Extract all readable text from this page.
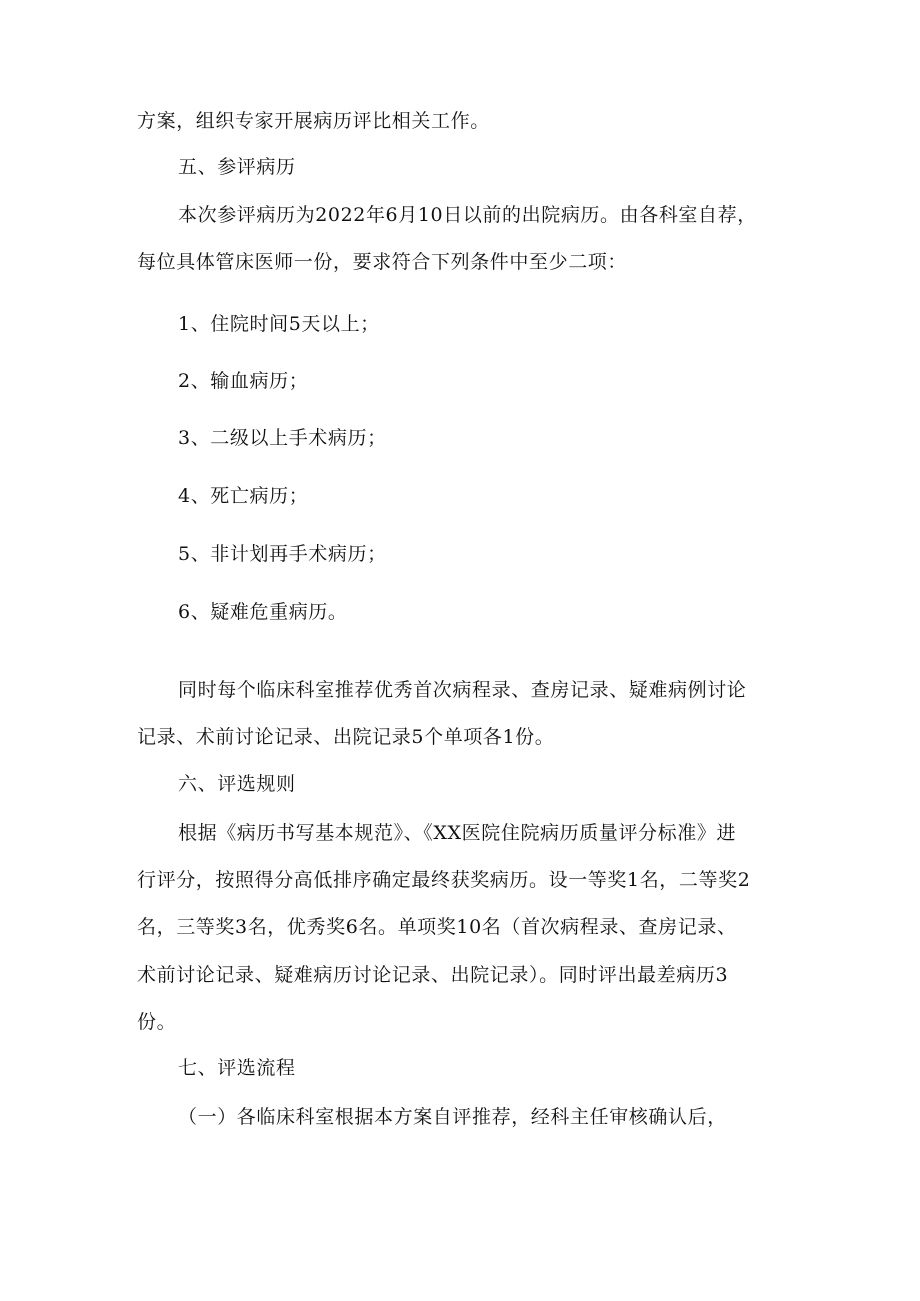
方案，组织专家开展病历评比相关工作。
五、参评病历
本次参评病历为2022年6月10日以前的出院病历。由各科室自荐，
每位具体管床医师一份，要求符合下列条件中至少二项：
1、住院时间5天以上；
2、输血病历；
3、二级以上手术病历；
4、死亡病历；
5、非计划再手术病历；
6、疑难危重病历。
同时每个临床科室推荐优秀首次病程录、查房记录、疑难病例讨论
记录、术前讨论记录、出院记录5个单项各1份。
六、评选规则
根据《病历书写基本规范》、《XX医院住院病历质量评分标准》进
行评分，按照得分高低排序确定最终获奖病历。设一等奖1名，二等奖2
名，三等奖3名，优秀奖6名。单项奖10名（首次病程录、查房记录、
术前讨论记录、疑难病历讨论记录、出院记录）。同时评出最差病历3
份。
七、评选流程
（一）各临床科室根据本方案自评推荐，经科主任审核确认后，
